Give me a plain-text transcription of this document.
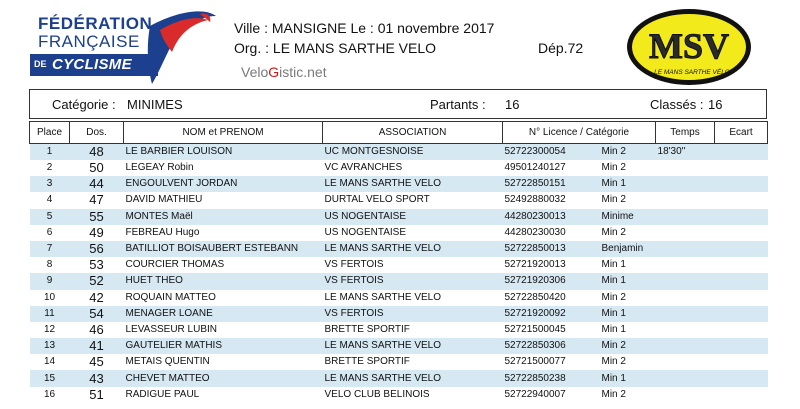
FÉDÉRATION
FRANÇAISE
DE CYCLISME
Ville : MANSIGNE Le : 01 novembre 2017
Org. : LE MANS SARTHE VELO	Dép.72
VeloGistic.net
MSV
LE MANS SARTHE VÉLO
Catégorie : MINIMES	Partants : 16	Classés : 16
Place	Dos.	NOM et PRENOM	ASSOCIATION	N° Licence / Catégorie		Temps	Ecart
1	48	LE BARBIER LOUISON	UC MONTGESNOISE	52722300054	Min 2	18'30''	
2	50	LEGEAY Robin	VC AVRANCHES	49501240127	Min 2		
3	44	ENGOULVENT JORDAN	LE MANS SARTHE VELO	52722850151	Min 1		
4	47	DAVID MATHIEU	DURTAL VELO SPORT	52492880032	Min 2		
5	55	MONTES Maël	US NOGENTAISE	44280230013	Minime		
6	49	FEBREAU Hugo	US NOGENTAISE	44280230030	Min 2		
7	56	BATILLIOT BOISAUBERT ESTEBANN	LE MANS SARTHE VELO	52722850013	Benjamin		
8	53	COURCIER THOMAS	VS FERTOIS	52721920013	Min 1		
9	52	HUET THEO	VS FERTOIS	52721920306	Min 1		
10	42	ROQUAIN MATTEO	LE MANS SARTHE VELO	52722850420	Min 2		
11	54	MENAGER LOANE	VS FERTOIS	52721920092	Min 1		
12	46	LEVASSEUR LUBIN	BRETTE SPORTIF	52721500045	Min 1		
13	41	GAUTELIER MATHIS	LE MANS SARTHE VELO	52722850306	Min 2		
14	45	METAIS QUENTIN	BRETTE SPORTIF	52721500077	Min 2		
15	43	CHEVET MATTEO	LE MANS SARTHE VELO	52722850238	Min 1		
16	51	RADIGUE PAUL	VELO CLUB BELINOIS	52722940007	Min 2		
